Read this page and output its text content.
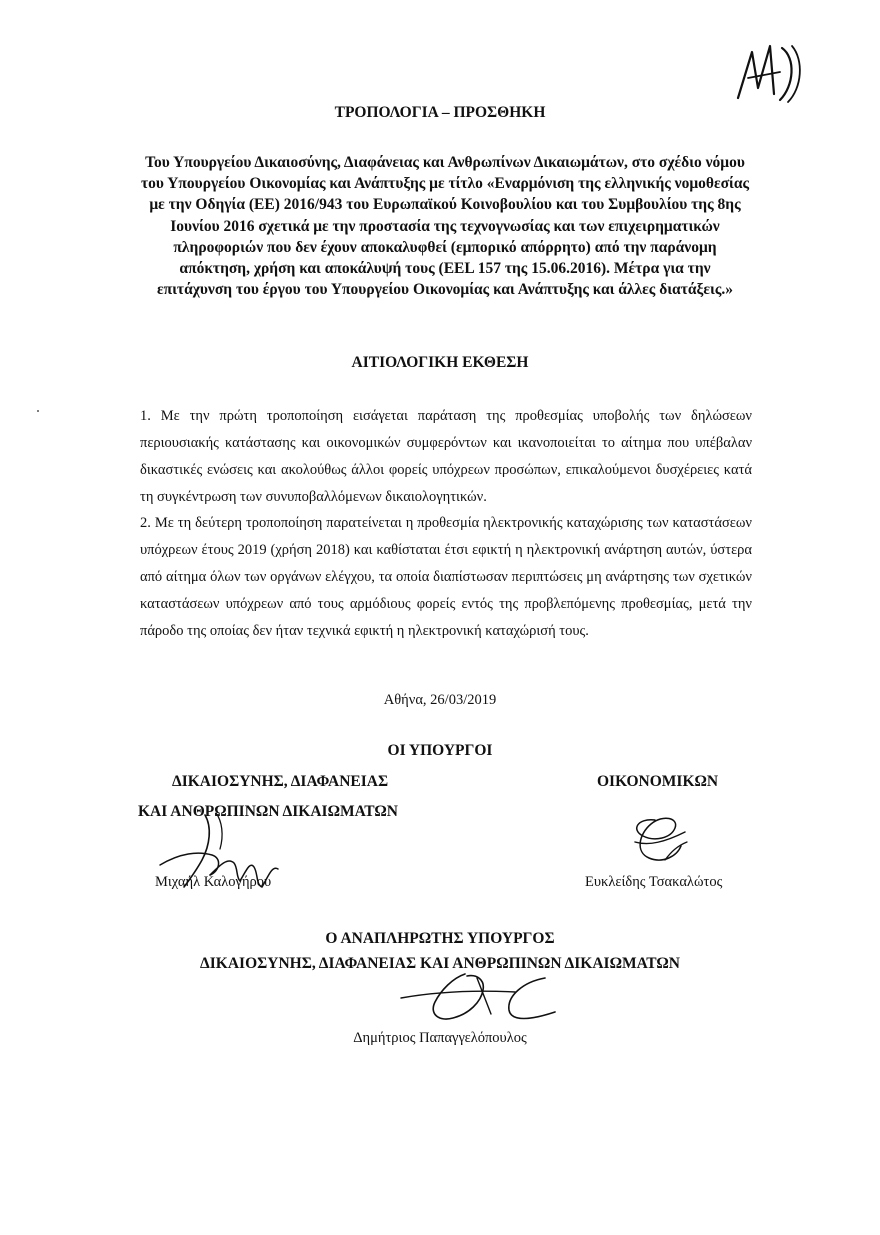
ΤΡΟΠΟΛΟΓΙΑ – ΠΡΟΣΘΗΚΗ
Του Υπουργείου Δικαιοσύνης, Διαφάνειας και Ανθρωπίνων Δικαιωμάτων, στο σχέδιο νόμου του Υπουργείου Οικονομίας και Ανάπτυξης με τίτλο «Εναρμόνιση της ελληνικής νομοθεσίας με την Οδηγία (ΕΕ) 2016/943 του Ευρωπαϊκού Κοινοβουλίου και του Συμβουλίου της 8ης Ιουνίου 2016 σχετικά με την προστασία της τεχνογνωσίας και των επιχειρηματικών πληροφοριών που δεν έχουν αποκαλυφθεί (εμπορικό απόρρητο) από την παράνομη απόκτηση, χρήση και αποκάλυψή τους (ΕΕL 157 της 15.06.2016). Μέτρα για την επιτάχυνση του έργου του Υπουργείου Οικονομίας και Ανάπτυξης και άλλες διατάξεις.»
ΑΙΤΙΟΛΟΓΙΚΗ ΕΚΘΕΣΗ
1. Με την πρώτη τροποποίηση εισάγεται παράταση της προθεσμίας υποβολής των δηλώσεων περιουσιακής κατάστασης και οικονομικών συμφερόντων και ικανοποιείται το αίτημα που υπέβαλαν δικαστικές ενώσεις και ακολούθως άλλοι φορείς υπόχρεων προσώπων, επικαλούμενοι δυσχέρειες κατά τη συγκέντρωση των συνυποβαλλόμενων δικαιολογητικών.
2. Με τη δεύτερη τροποποίηση παρατείνεται η προθεσμία ηλεκτρονικής καταχώρισης των καταστάσεων υπόχρεων έτους 2019 (χρήση 2018) και καθίσταται έτσι εφικτή η ηλεκτρονική ανάρτηση αυτών, ύστερα από αίτημα όλων των οργάνων ελέγχου, τα οποία διαπίστωσαν περιπτώσεις μη ανάρτησης των σχετικών καταστάσεων υπόχρεων από τους αρμόδιους φορείς εντός της προβλεπόμενης προθεσμίας, μετά την πάροδο της οποίας δεν ήταν τεχνικά εφικτή η ηλεκτρονική καταχώρισή τους.
Αθήνα, 26/03/2019
ΟΙ ΥΠΟΥΡΓΟΙ
ΔΙΚΑΙΟΣΥΝΗΣ, ΔΙΑΦΑΝΕΙΑΣ
ΚΑΙ ΑΝΘΡΩΠΙΝΩΝ ΔΙΚΑΙΩΜΑΤΩΝ
ΟΙΚΟΝΟΜΙΚΩΝ
Μιχαήλ Καλογήρου	Ευκλείδης Τσακαλώτος
Ο ΑΝΑΠΛΗΡΩΤΗΣ ΥΠΟΥΡΓΟΣ
ΔΙΚΑΙΟΣΥΝΗΣ, ΔΙΑΦΑΝΕΙΑΣ ΚΑΙ ΑΝΘΡΩΠΙΝΩΝ ΔΙΚΑΙΩΜΑΤΩΝ
Δημήτριος Παπαγγελόπουλος
